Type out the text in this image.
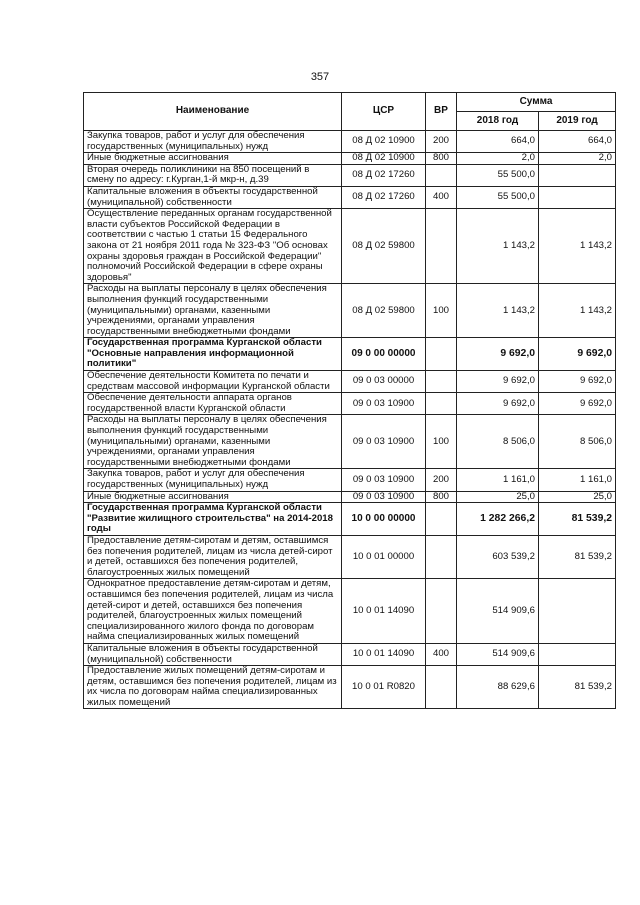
357
Наименование	ЦСР	ВР	Сумма	
			2018 год	2019 год
Закупка товаров, работ и услуг для обеспечения государственных (муниципальных) нужд	08 Д 02 10900	200	664,0	664,0
Иные бюджетные ассигнования	08 Д 02 10900	800	2,0	2,0
Вторая очередь поликлиники на 850 посещений в смену по адресу: г.Курган,1-й мкр-н, д.39	08 Д 02 17260		55 500,0	
Капитальные вложения в объекты государственной (муниципальной) собственности	08 Д 02 17260	400	55 500,0	
Осуществление переданных органам государственной власти субъектов Российской Федерации в соответствии с частью 1 статьи 15 Федерального закона от 21 ноября 2011 года № 323-ФЗ "Об основах охраны здоровья граждан в Российской Федерации" полномочий Российской Федерации в сфере охраны здоровья"	08 Д 02 59800		1 143,2	1 143,2
Расходы на выплаты персоналу в целях обеспечения выполнения функций государственными (муниципальными) органами, казенными учреждениями, органами управления государственными внебюджетными фондами	08 Д 02 59800	100	1 143,2	1 143,2
Государственная программа Курганской области "Основные направления информационной политики"	09 0 00 00000		9 692,0	9 692,0
Обеспечение деятельности Комитета по печати и средствам массовой информации Курганской области	09 0 03 00000		9 692,0	9 692,0
Обеспечение деятельности аппарата органов государственной власти Курганской области	09 0 03 10900		9 692,0	9 692,0
Расходы на выплаты персоналу в целях обеспечения выполнения функций государственными (муниципальными) органами, казенными учреждениями, органами управления государственными внебюджетными фондами	09 0 03 10900	100	8 506,0	8 506,0
Закупка товаров, работ и услуг для обеспечения государственных (муниципальных) нужд	09 0 03 10900	200	1 161,0	1 161,0
Иные бюджетные ассигнования	09 0 03 10900	800	25,0	25,0
Государственная программа Курганской области "Развитие жилищного строительства" на 2014-2018 годы	10 0 00 00000		1 282 266,2	81 539,2
Предоставление детям-сиротам и детям, оставшимся без попечения родителей, лицам из числа детей-сирот и детей, оставшихся без попечения родителей, благоустроенных жилых помещений	10 0 01 00000		603 539,2	81 539,2
Однократное предоставление детям-сиротам и детям, оставшимся без попечения родителей, лицам из числа детей-сирот и детей, оставшихся без попечения родителей, благоустроенных жилых помещений специализированного жилого фонда по договорам найма специализированных жилых помещений	10 0 01 14090		514 909,6	
Капитальные вложения в объекты государственной (муниципальной) собственности	10 0 01 14090	400	514 909,6	
Предоставление жилых помещений детям-сиротам и детям, оставшимся без попечения родителей, лицам из их числа по договорам найма специализированных жилых помещений	10 0 01 R0820		88 629,6	81 539,2
